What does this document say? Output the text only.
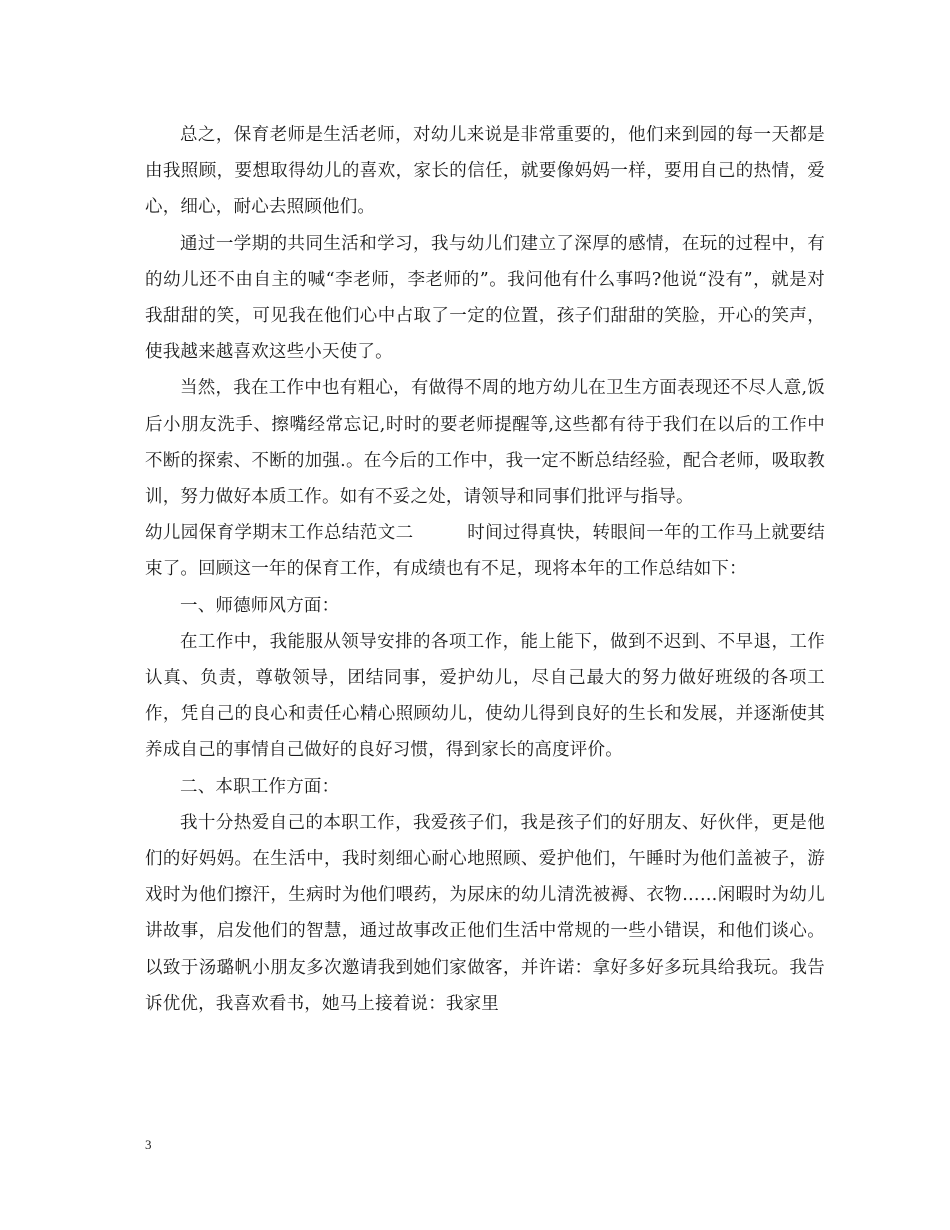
总之，保育老师是生活老师，对幼儿来说是非常重要的，他们来到园的每一天都是由我照顾，要想取得幼儿的喜欢，家长的信任，就要像妈妈一样，要用自己的热情，爱心，细心，耐心去照顾他们。

通过一学期的共同生活和学习，我与幼儿们建立了深厚的感情，在玩的过程中，有的幼儿还不由自主的喊“李老师，李老师的”。我问他有什么事吗?他说“没有”，就是对我甜甜的笑，可见我在他们心中占取了一定的位置，孩子们甜甜的笑脸，开心的笑声，使我越来越喜欢这些小天使了。

当然，我在工作中也有粗心，有做得不周的地方幼儿在卫生方面表现还不尽人意,饭后小朋友洗手、擦嘴经常忘记,时时的要老师提醒等,这些都有待于我们在以后的工作中不断的探索、不断的加强.。在今后的工作中，我一定不断总结经验，配合老师，吸取教训，努力做好本质工作。如有不妥之处，请领导和同事们批评与指导。

幼儿园保育学期末工作总结范文二　　　	时间过得真快，转眼间一年的工作马上就要结束了。回顾这一年的保育工作，有成绩也有不足，现将本年的工作总结如下：

一、师德师风方面：

在工作中，我能服从领导安排的各项工作，能上能下，做到不迟到、不早退，工作认真、负责，尊敬领导，团结同事，爱护幼儿，尽自己最大的努力做好班级的各项工作，凭自己的良心和责任心精心照顾幼儿，使幼儿得到良好的生长和发展，并逐渐使其养成自己的事情自己做好的良好习惯，得到家长的高度评价。

二、本职工作方面：

我十分热爱自己的本职工作，我爱孩子们，我是孩子们的好朋友、好伙伴，更是他们的好妈妈。在生活中，我时刻细心耐心地照顾、爱护他们，午睡时为他们盖被子，游戏时为他们擦汗，生病时为他们喂药，为尿床的幼儿清洗被褥、衣物……闲暇时为幼儿讲故事，启发他们的智慧，通过故事改正他们生活中常规的一些小错误，和他们谈心。以致于汤璐帆小朋友多次邀请我到她们家做客，并许诺：拿好多好多玩具给我玩。我告诉优优，我喜欢看书，她马上接着说：我家里

3
